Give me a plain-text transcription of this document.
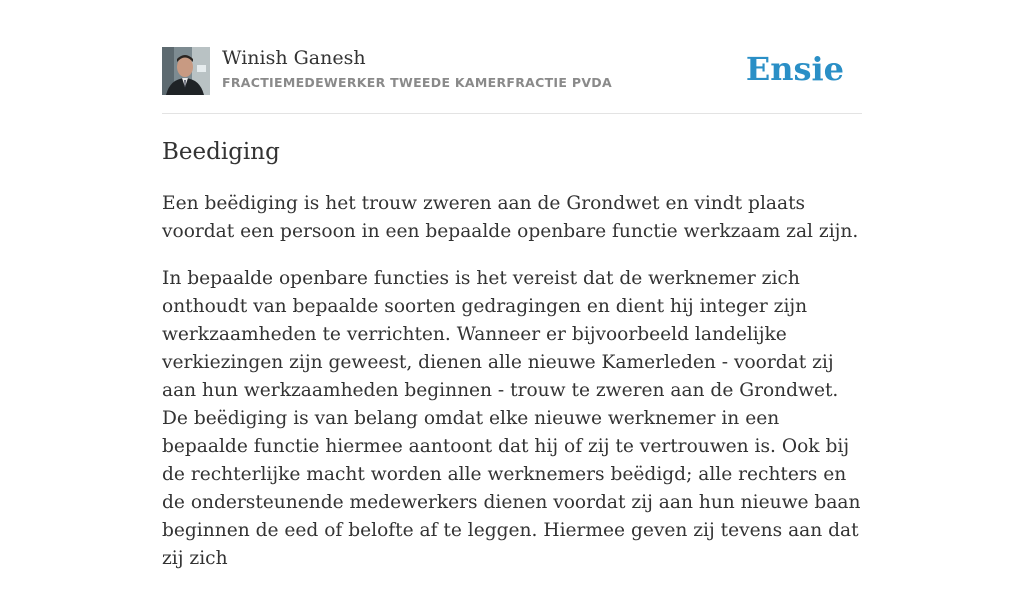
Winish Ganesh
FRACTIEMEDEWERKER TWEEDE KAMERFRACTIE PVDA	Ensie
Beediging

Een beëdiging is het trouw zweren aan de Grondwet en vindt plaats voordat een persoon in een bepaalde openbare functie werkzaam zal zijn.

In bepaalde openbare functies is het vereist dat de werknemer zich onthoudt van bepaalde soorten gedragingen en dient hij integer zijn werkzaamheden te verrichten. Wanneer er bijvoorbeeld landelijke verkiezingen zijn geweest, dienen alle nieuwe Kamerleden - voordat zij aan hun werkzaamheden beginnen - trouw te zweren aan de Grondwet. De beëdiging is van belang omdat elke nieuwe werknemer in een bepaalde functie hiermee aantoont dat hij of zij te vertrouwen is. Ook bij de rechterlijke macht worden alle werknemers beëdigd; alle rechters en de ondersteunende medewerkers dienen voordat zij aan hun nieuwe baan beginnen de eed of belofte af te leggen. Hiermee geven zij tevens aan dat zij zich
